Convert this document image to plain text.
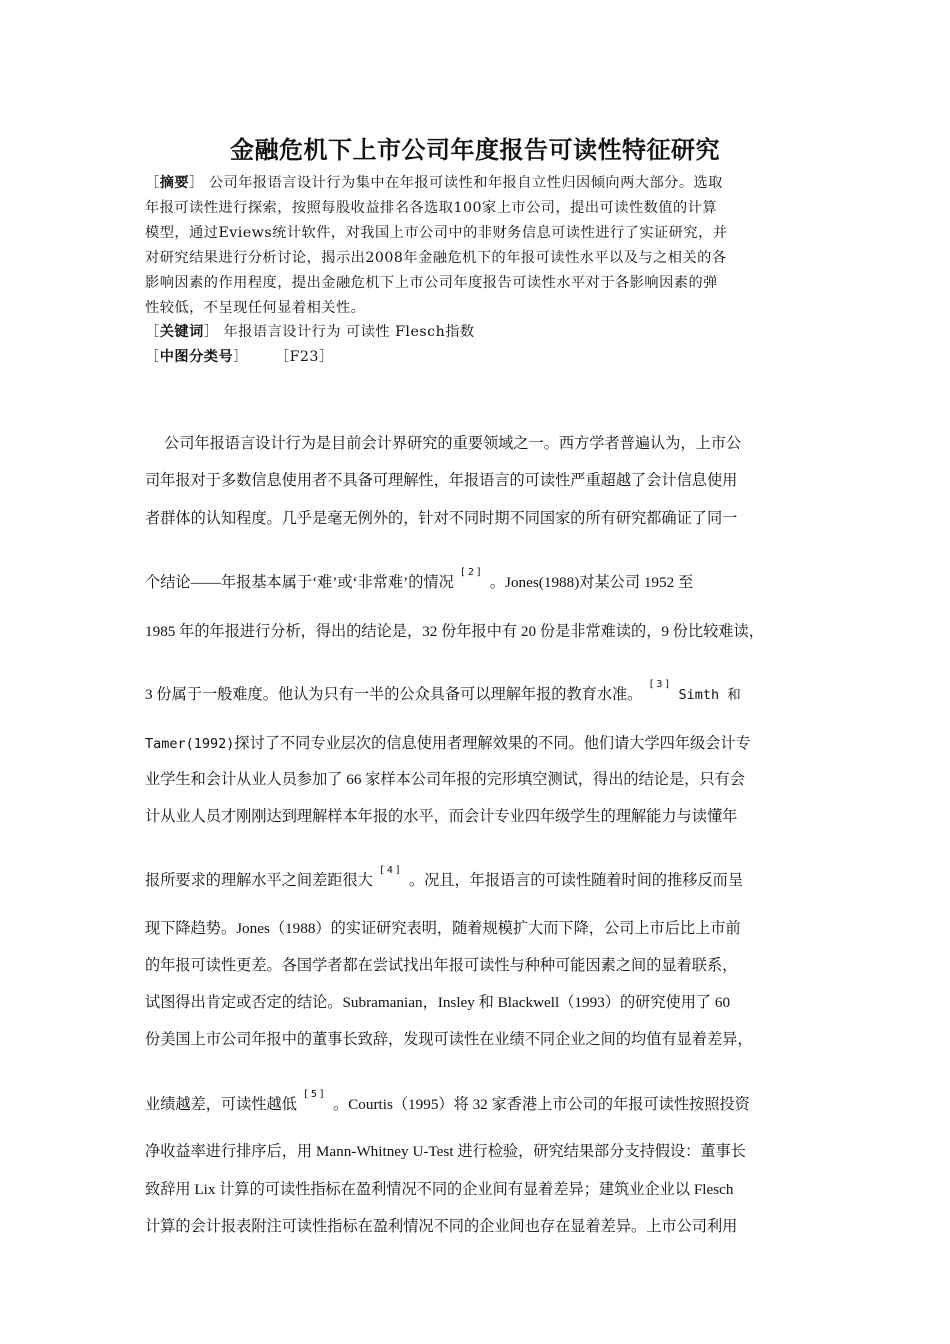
金融危机下上市公司年度报告可读性特征研究
［摘要］ 公司年报语言设计行为集中在年报可读性和年报自立性归因倾向两大部分。选取
年报可读性进行探索，按照每股收益排名各选取100家上市公司，提出可读性数值的计算
模型，通过Eviews统计软件，对我国上市公司中的非财务信息可读性进行了实证研究，并
对研究结果进行分析讨论，揭示出2008年金融危机下的年报可读性水平以及与之相关的各
影响因素的作用程度，提出金融危机下上市公司年度报告可读性水平对于各影响因素的弹
性较低，不呈现任何显着相关性。
［关键词］ 年报语言设计行为 可读性 Flesch指数
［中图分类号］ ［F23］
公司年报语言设计行为是目前会计界研究的重要领域之一。西方学者普遍认为，上市公
司年报对于多数信息使用者不具备可理解性，年报语言的可读性严重超越了会计信息使用
者群体的认知程度。几乎是毫无例外的，针对不同时期不同国家的所有研究都确证了同一
个结论——年报基本属于‘难’或‘非常难’的情况[2]。Jones(1988)对某公司 1952 至
1985 年的年报进行分析，得出的结论是，32 份年报中有 20 份是非常难读的，9 份比较难读，
3 份属于一般难度。他认为只有一半的公众具备可以理解年报的教育水准。[3]Simth 和
Tamer(1992)探讨了不同专业层次的信息使用者理解效果的不同。他们请大学四年级会计专
业学生和会计从业人员参加了 66 家样本公司年报的完形填空测试，得出的结论是，只有会
计从业人员才刚刚达到理解样本年报的水平，而会计专业四年级学生的理解能力与读懂年
报所要求的理解水平之间差距很大[4]。况且，年报语言的可读性随着时间的推移反而呈
现下降趋势。Jones（1988）的实证研究表明，随着规模扩大而下降，公司上市后比上市前
的年报可读性更差。各国学者都在尝试找出年报可读性与种种可能因素之间的显着联系，
试图得出肯定或否定的结论。Subramanian，Insley 和 Blackwell（1993）的研究使用了 60
份美国上市公司年报中的董事长致辞，发现可读性在业绩不同企业之间的均值有显着差异，
业绩越差，可读性越低[5]。Courtis（1995）将 32 家香港上市公司的年报可读性按照投资
净收益率进行排序后，用 Mann-Whitney U-Test 进行检验，研究结果部分支持假设：董事长
致辞用 Lix 计算的可读性指标在盈利情况不同的企业间有显着差异；建筑业企业以 Flesch
计算的会计报表附注可读性指标在盈利情况不同的企业间也存在显着差异。上市公司利用
